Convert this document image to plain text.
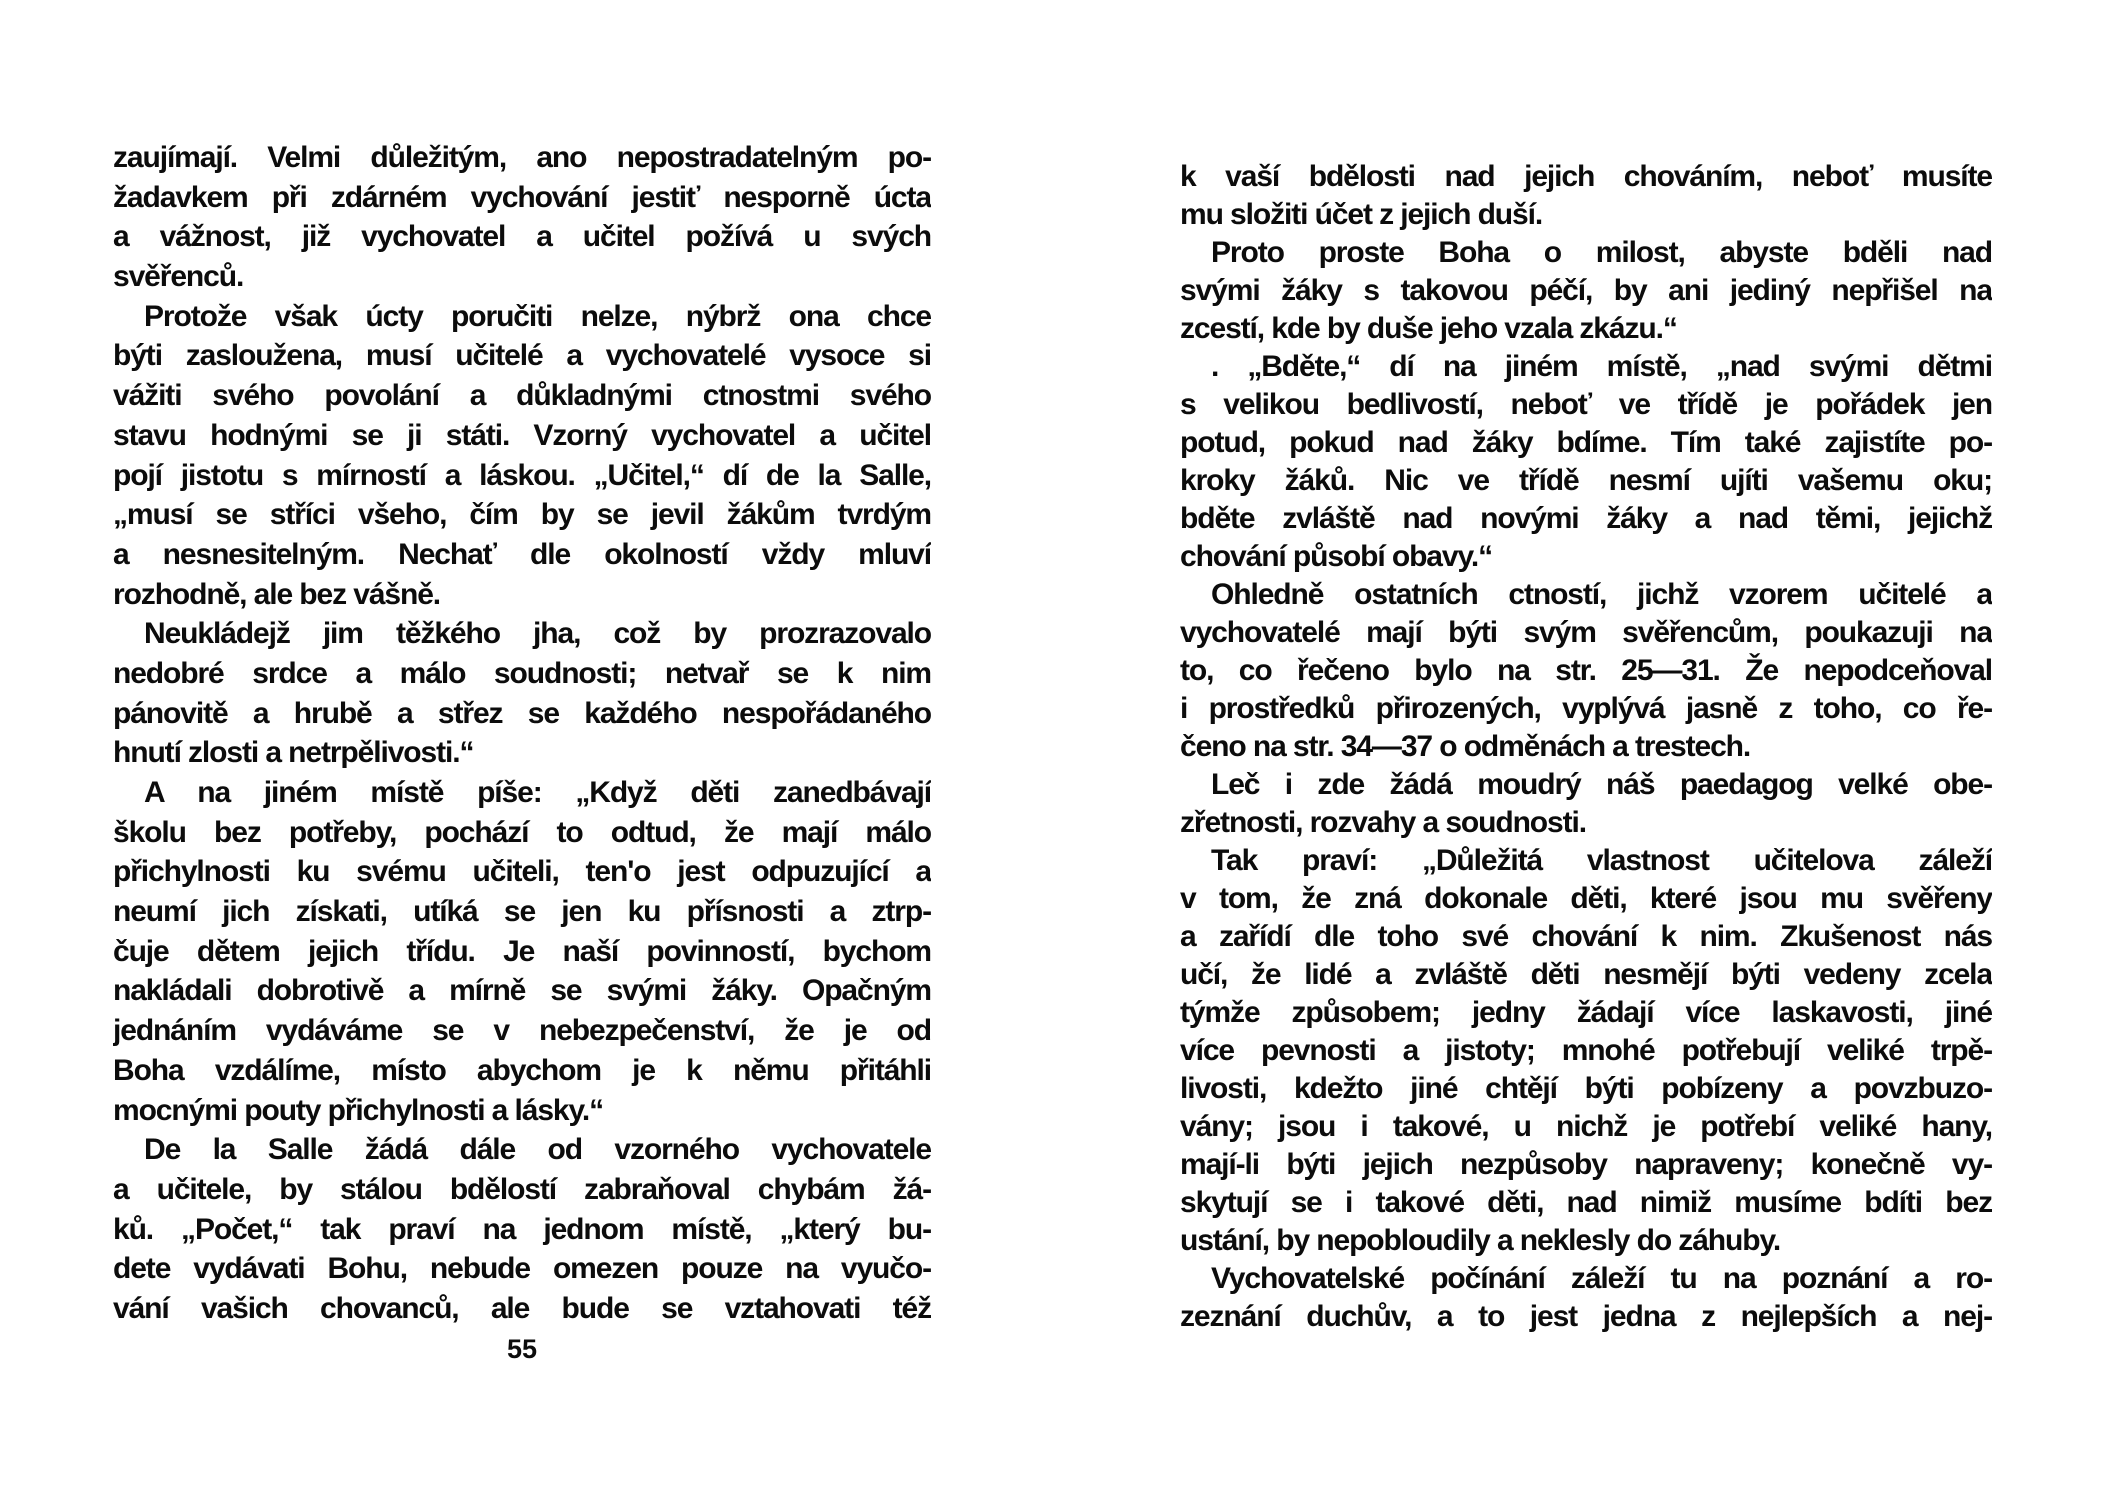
zaujímají. Velmi důležitým, ano nepostradatelným po-
žadavkem při zdárném vychování jestiť nesporně úcta
a vážnost, již vychovatel a učitel požívá u svých
svěřenců.
Protože však úcty poručiti nelze, nýbrž ona chce
býti zasloužena, musí učitelé a vychovatelé vysoce si
vážiti svého povolání a důkladnými ctnostmi svého
stavu hodnými se ji státi. Vzorný vychovatel a učitel
pojí jistotu s mírností a láskou. „Učitel,“ dí de la Salle,
„musí se stříci všeho, čím by se jevil žákům tvrdým
a nesnesitelným. Nechať dle okolností vždy mluví
rozhodně, ale bez vášně.
Neukládejž jim těžkého jha, což by prozrazovalo
nedobré srdce a málo soudnosti; netvař se k nim
pánovitě a hrubě a střez se každého nespořádaného
hnutí zlosti a netrpělivosti.“
A na jiném místě píše: „Když děti zanedbávají
školu bez potřeby, pochází to odtud, že mají málo
přichylnosti ku svému učiteli, ten'o jest odpuzující a
neumí jich získati, utíká se jen ku přísnosti a ztrp-
čuje dětem jejich třídu. Je naší povinností, bychom
nakládali dobrotivě a mírně se svými žáky. Opačným
jednáním vydáváme se v nebezpečenství, že je od
Boha vzdálíme, místo abychom je k němu přitáhli
mocnými pouty přichylnosti a lásky.“
De la Salle žádá dále od vzorného vychovatele
a učitele, by stálou bdělostí zabraňoval chybám žá-
ků. „Počet,“ tak praví na jednom místě, „který bu-
dete vydávati Bohu, nebude omezen pouze na vyučo-
vání vašich chovanců, ale bude se vztahovati též
k vaší bdělosti nad jejich chováním, neboť musíte
mu složiti účet z jejich duší.
Proto proste Boha o milost, abyste bděli nad
svými žáky s takovou péčí, by ani jediný nepřišel na
zcestí, kde by duše jeho vzala zkázu.“
. „Bděte,“ dí na jiném místě, „nad svými dětmi
s velikou bedlivostí, neboť ve třídě je pořádek jen
potud, pokud nad žáky bdíme. Tím také zajistíte po-
kroky žáků. Nic ve třídě nesmí ujíti vašemu oku;
bděte zvláště nad novými žáky a nad těmi, jejichž
chování působí obavy.“
Ohledně ostatních ctností, jichž vzorem učitelé a
vychovatelé mají býti svým svěřencům, poukazuji na
to, co řečeno bylo na str. 25—31. Že nepodceňoval
i prostředků přirozených, vyplývá jasně z toho, co ře-
čeno na str. 34—37 o odměnách a trestech.
Leč i zde žádá moudrý náš paedagog velké obe-
zřetnosti, rozvahy a soudnosti.
Tak praví: „Důležitá vlastnost učitelova záleží
v tom, že zná dokonale děti, které jsou mu svěřeny
a zařídí dle toho své chování k nim. Zkušenost nás
učí, že lidé a zvláště děti nesmějí býti vedeny zcela
týmže způsobem; jedny žádají více laskavosti, jiné
více pevnosti a jistoty; mnohé potřebují veliké trpě-
livosti, kdežto jiné chtějí býti pobízeny a povzbuzo-
vány; jsou i takové, u nichž je potřebí veliké hany,
mají-li býti jejich nezpůsoby napraveny; konečně vy-
skytují se i takové děti, nad nimiž musíme bdíti bez
ustání, by nepobloudily a neklesly do záhuby.
Vychovatelské počínání záleží tu na poznání a ro-
zeznání duchův, a to jest jedna z nejlepších a nej-
55
